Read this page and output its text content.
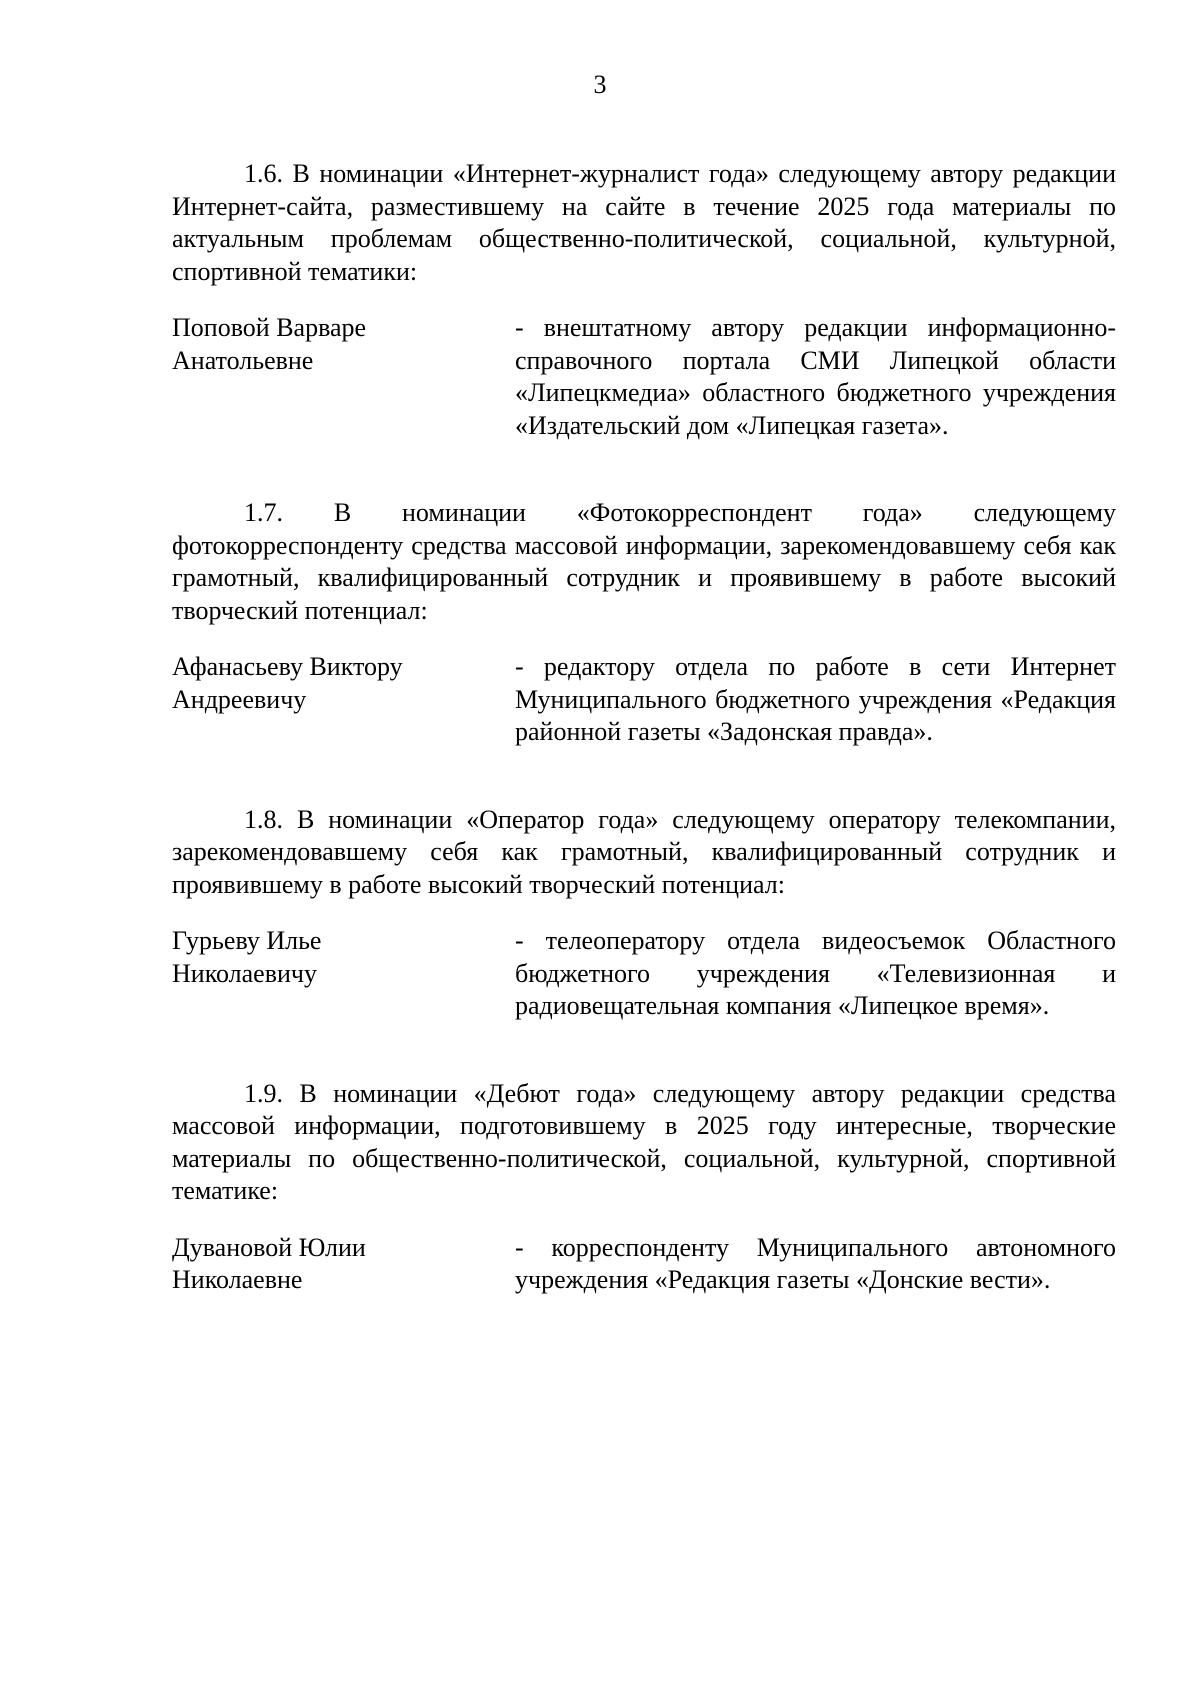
3

1.6. В номинации «Интернет-журналист года» следующему автору редакции Интернет-сайта, разместившему на сайте в течение 2025 года материалы по актуальным проблемам общественно-политической, социальной, культурной, спортивной тематики:

Поповой Варваре
Анатольевне
- внештатному автору редакции информационно-справочного портала СМИ Липецкой области «Липецкмедиа» областного бюджетного учреждения «Издательский дом «Липецкая газета».

1.7. В номинации «Фотокорреспондент года» следующему фотокорреспонденту средства массовой информации, зарекомендовавшему себя как грамотный, квалифицированный сотрудник и проявившему в работе высокий творческий потенциал:

Афанасьеву Виктору
Андреевичу
- редактору отдела по работе в сети Интернет Муниципального бюджетного учреждения «Редакция районной газеты «Задонская правда».

1.8. В номинации «Оператор года» следующему оператору телекомпании, зарекомендовавшему себя как грамотный, квалифицированный сотрудник и проявившему в работе высокий творческий потенциал:

Гурьеву Илье
Николаевичу
- телеоператору отдела видеосъемок Областного бюджетного учреждения «Телевизионная и радиовещательная компания «Липецкое время».

1.9. В номинации «Дебют года» следующему автору редакции средства массовой информации, подготовившему в 2025 году интересные, творческие материалы по общественно-политической, социальной, культурной, спортивной тематике:

Дувановой Юлии
Николаевне
- корреспонденту Муниципального автономного учреждения «Редакция газеты «Донские вести».
